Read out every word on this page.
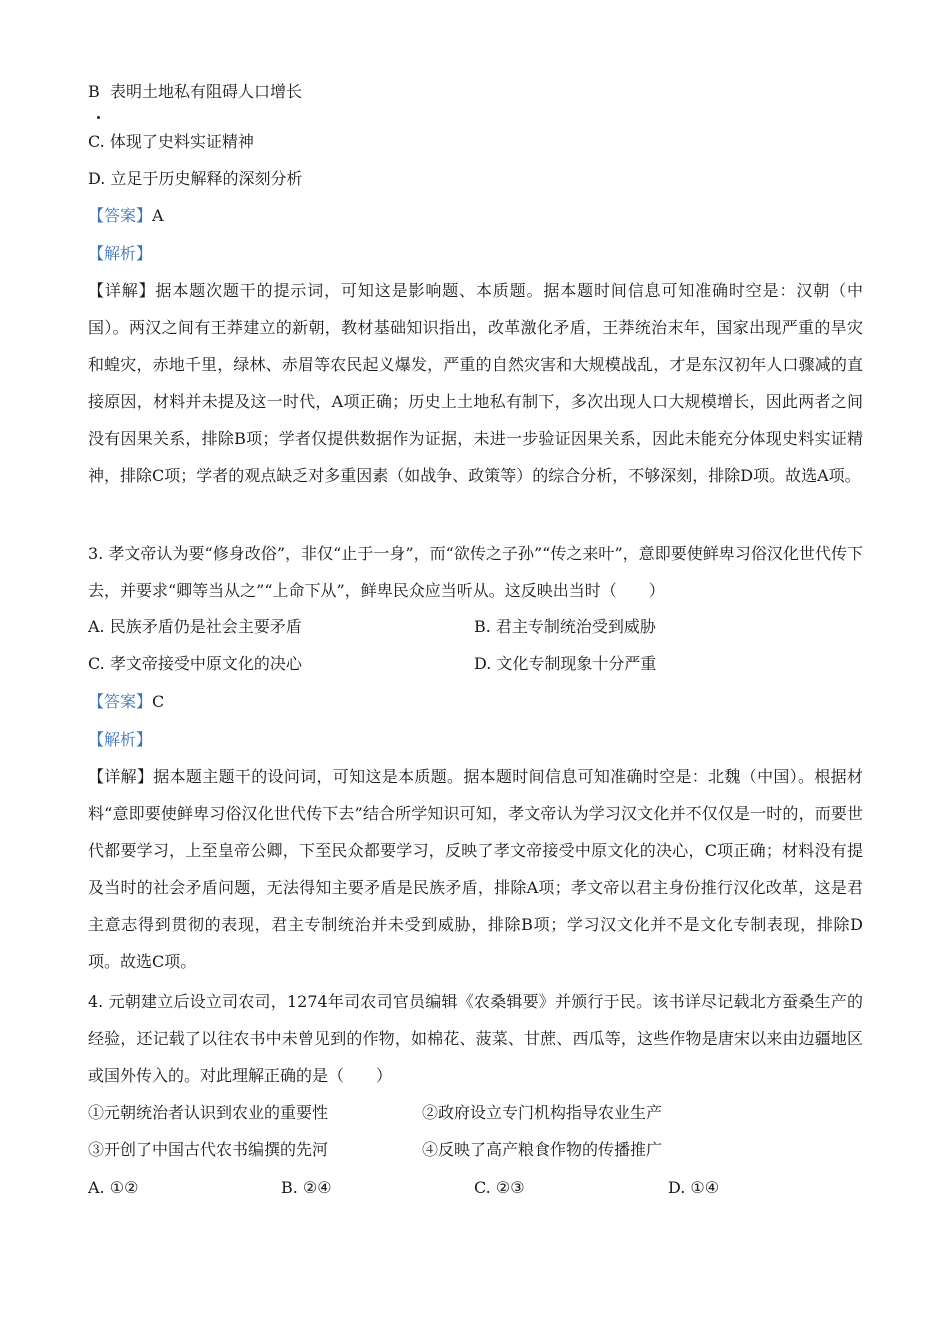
B 表明土地私有阻碍人口增长
C. 体现了史料实证精神
D. 立足于历史解释的深刻分析
【答案】A
【解析】
【详解】据本题次题干的提示词，可知这是影响题、本质题。据本题时间信息可知准确时空是：汉朝（中国）。两汉之间有王莽建立的新朝，教材基础知识指出，改革激化矛盾，王莽统治末年，国家出现严重的旱灾和蝗灾，赤地千里，绿林、赤眉等农民起义爆发，严重的自然灾害和大规模战乱，才是东汉初年人口骤减的直接原因，材料并未提及这一时代，A项正确；历史上土地私有制下，多次出现人口大规模增长，因此两者之间没有因果关系，排除B项；学者仅提供数据作为证据，未进一步验证因果关系，因此未能充分体现史料实证精神，排除C项；学者的观点缺乏对多重因素（如战争、政策等）的综合分析，不够深刻，排除D项。故选A项。
3. 孝文帝认为要“修身改俗”，非仅“止于一身”，而“欲传之子孙”“传之来叶”，意即要使鲜卑习俗汉化世代传下去，并要求“卿等当从之”“上命下从”，鲜卑民众应当听从。这反映出当时（　　）
A. 民族矛盾仍是社会主要矛盾	B. 君主专制统治受到威胁
C. 孝文帝接受中原文化的决心	D. 文化专制现象十分严重
【答案】C
【解析】
【详解】据本题主题干的设问词，可知这是本质题。据本题时间信息可知准确时空是：北魏（中国）。根据材料“意即要使鲜卑习俗汉化世代传下去”结合所学知识可知，孝文帝认为学习汉文化并不仅仅是一时的，而要世代都要学习，上至皇帝公卿，下至民众都要学习，反映了孝文帝接受中原文化的决心，C项正确；材料没有提及当时的社会矛盾问题，无法得知主要矛盾是民族矛盾，排除A项；孝文帝以君主身份推行汉化改革，这是君主意志得到贯彻的表现，君主专制统治并未受到威胁，排除B项；学习汉文化并不是文化专制表现，排除D项。故选C项。
4. 元朝建立后设立司农司，1274年司农司官员编辑《农桑辑要》并颁行于民。该书详尽记载北方蚕桑生产的经验，还记载了以往农书中未曾见到的作物，如棉花、菠菜、甘蔗、西瓜等，这些作物是唐宋以来由边疆地区或国外传入的。对此理解正确的是（　　）
①元朝统治者认识到农业的重要性	②政府设立专门机构指导农业生产
③开创了中国古代农书编撰的先河	④反映了高产粮食作物的传播推广
A. ①②	B. ②④	C. ②③	D. ①④
